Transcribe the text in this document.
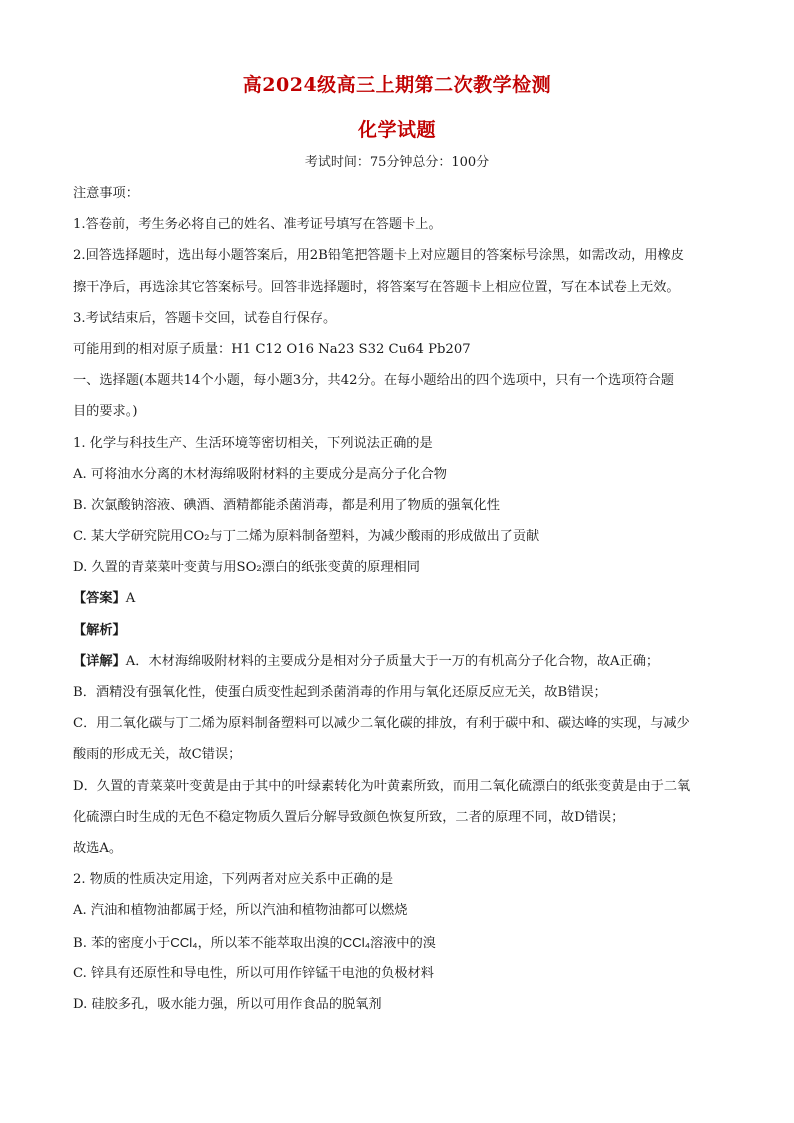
高2024级高三上期第二次教学检测
化学试题
考试时间：75分钟总分：100分
注意事项：
1.答卷前，考生务必将自己的姓名、准考证号填写在答题卡上。
2.回答选择题时，选出每小题答案后，用2B铅笔把答题卡上对应题目的答案标号涂黑，如需改动，用橡皮
擦干净后，再选涂其它答案标号。回答非选择题时，将答案写在答题卡上相应位置，写在本试卷上无效。
3.考试结束后，答题卡交回，试卷自行保存。
可能用到的相对原子质量：H1 C12 O16 Na23 S32 Cu64 Pb207
一、选择题(本题共14个小题，每小题3分，共42分。在每小题给出的四个选项中，只有一个选项符合题
目的要求。)
1. 化学与科技生产、生活环境等密切相关，下列说法正确的是
A. 可将油水分离的木材海绵吸附材料的主要成分是高分子化合物
B. 次氯酸钠溶液、碘酒、酒精都能杀菌消毒，都是利用了物质的强氧化性
C. 某大学研究院用CO₂与丁二烯为原料制备塑料，为减少酸雨的形成做出了贡献
D. 久置的青菜菜叶变黄与用SO₂漂白的纸张变黄的原理相同
【答案】A
【解析】
【详解】A．木材海绵吸附材料的主要成分是相对分子质量大于一万的有机高分子化合物，故A正确；
B．酒精没有强氧化性，使蛋白质变性起到杀菌消毒的作用与氧化还原反应无关，故B错误；
C．用二氧化碳与丁二烯为原料制备塑料可以减少二氧化碳的排放，有利于碳中和、碳达峰的实现，与减少
酸雨的形成无关，故C错误；
D．久置的青菜菜叶变黄是由于其中的叶绿素转化为叶黄素所致，而用二氧化硫漂白的纸张变黄是由于二氧
化硫漂白时生成的无色不稳定物质久置后分解导致颜色恢复所致，二者的原理不同，故D错误；
故选A。
2. 物质的性质决定用途，下列两者对应关系中正确的是
A. 汽油和植物油都属于烃，所以汽油和植物油都可以燃烧
B. 苯的密度小于CCl₄，所以苯不能萃取出溴的CCl₄溶液中的溴
C. 锌具有还原性和导电性，所以可用作锌锰干电池的负极材料
D. 硅胶多孔，吸水能力强，所以可用作食品的脱氧剂
